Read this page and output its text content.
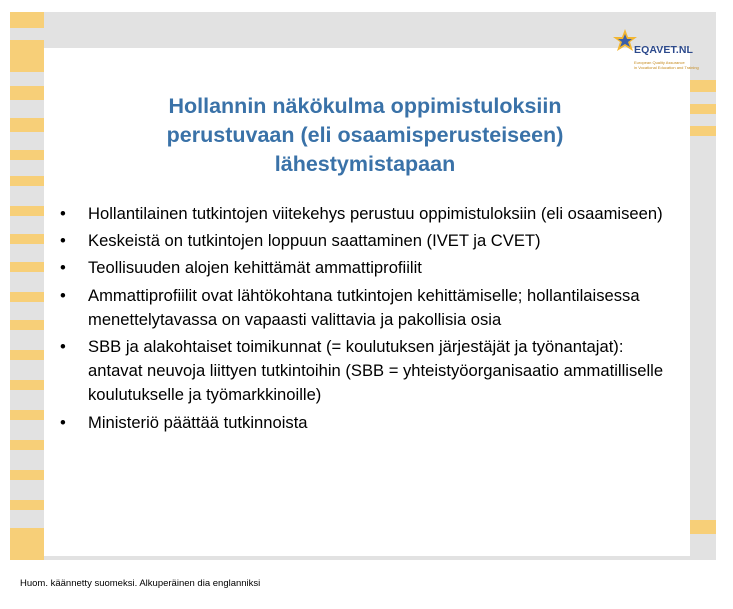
EQAVET.NL
European Quality Assurance
in Vocational Education and Training
Hollannin näkökulma oppimistuloksiin perustuvaan (eli osaamisperusteiseen) lähestymistapaan
• Hollantilainen tutkintojen viitekehys perustuu oppimistuloksiin (eli osaamiseen)
• Keskeistä on tutkintojen loppuun saattaminen (IVET ja CVET)
• Teollisuuden alojen kehittämät ammattiprofiilit
• Ammattiprofiilit ovat lähtökohtana tutkintojen kehittämiselle; hollantilaisessa menettelytavassa on vapaasti valittavia ja pakollisia osia
• SBB ja alakohtaiset toimikunnat (= koulutuksen järjestäjät ja työnantajat): antavat neuvoja liittyen tutkintoihin (SBB = yhteistyöorganisaatio ammatilliselle koulutukselle ja työmarkkinoille)
• Ministeriö päättää tutkinnoista
Huom. käännetty suomeksi. Alkuperäinen dia englanniksi
